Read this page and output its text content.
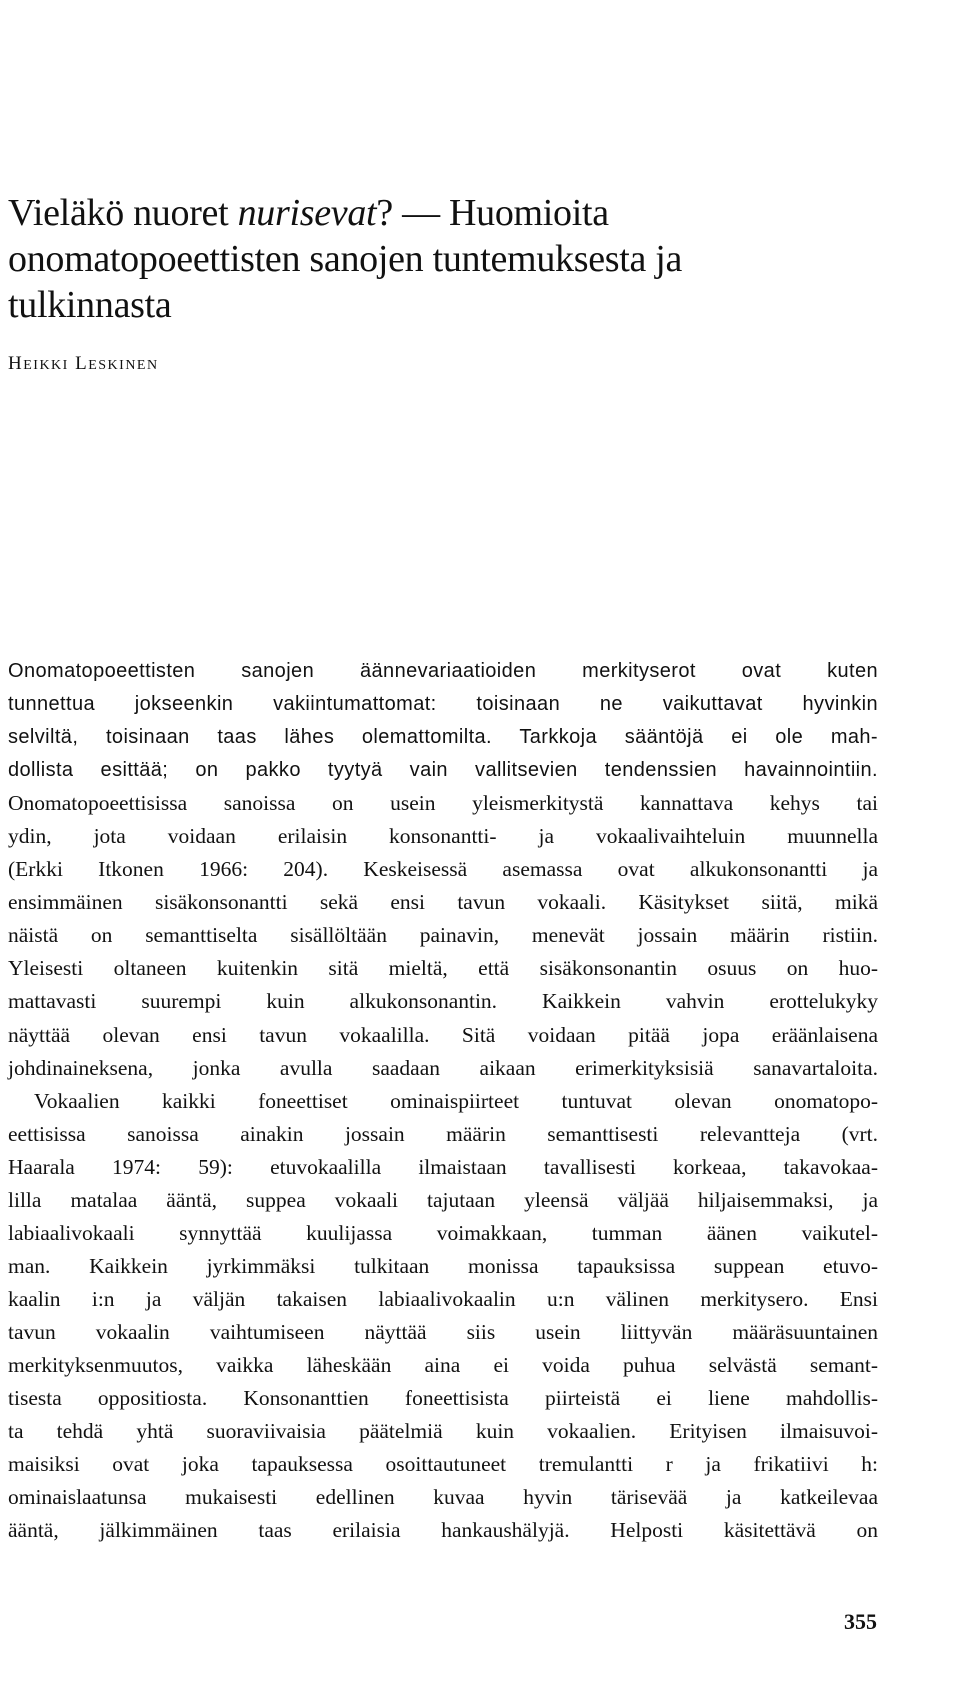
Vieläkö nuoret nurisevat? — Huomioita
onomatopoeettisten sanojen tuntemuksesta ja
tulkinnasta
HEIKKI LESKINEN
Onomatopoeettisten sanojen äännevariaatioiden merkityserot ovat kuten
tunnettua jokseenkin vakiintumattomat: toisinaan ne vaikuttavat hyvinkin
selviltä, toisinaan taas lähes olemattomilta. Tarkkoja sääntöjä ei ole mah-
dollista esittää; on pakko tyytyä vain vallitsevien tendenssien havainnointiin.
Onomatopoeettisissa sanoissa on usein yleismerkitystä kannattava kehys tai
ydin, jota voidaan erilaisin konsonantti- ja vokaalivaihteluin muunnella
(Erkki Itkonen 1966: 204). Keskeisessä asemassa ovat alkukonsonantti ja
ensimmäinen sisäkonsonantti sekä ensi tavun vokaali. Käsitykset siitä, mikä
näistä on semanttiselta sisällöltään painavin, menevät jossain määrin ristiin.
Yleisesti oltaneen kuitenkin sitä mieltä, että sisäkonsonantin osuus on huo-
mattavasti suurempi kuin alkukonsonantin. Kaikkein vahvin erottelukyky
näyttää olevan ensi tavun vokaalilla. Sitä voidaan pitää jopa eräänlaisena
johdinaineksena, jonka avulla saadaan aikaan erimerkityksisiä sanavartaloita.
Vokaalien kaikki foneettiset ominaispiirteet tuntuvat olevan onomatopo-
eettisissa sanoissa ainakin jossain määrin semanttisesti relevantteja (vrt.
Haarala 1974: 59): etuvokaalilla ilmaistaan tavallisesti korkeaa, takavokaa-
lilla matalaa ääntä, suppea vokaali tajutaan yleensä väljää hiljaisemmaksi, ja
labiaalivokaali synnyttää kuulijassa voimakkaan, tumman äänen vaikutel-
man. Kaikkein jyrkimmäksi tulkitaan monissa tapauksissa suppean etuvo-
kaalin i:n ja väljän takaisen labiaalivokaalin u:n välinen merkitysero. Ensi
tavun vokaalin vaihtumiseen näyttää siis usein liittyvän määräsuuntainen
merkityksenmuutos, vaikka läheskään aina ei voida puhua selvästä semant-
tisesta oppositiosta. Konsonanttien foneettisista piirteistä ei liene mahdollis-
ta tehdä yhtä suoraviivaisia päätelmiä kuin vokaalien. Erityisen ilmaisuvoi-
maisiksi ovat joka tapauksessa osoittautuneet tremulantti r ja frikatiivi h:
ominaislaatunsa mukaisesti edellinen kuvaa hyvin tärisevää ja katkeilevaa
ääntä, jälkimmäinen taas erilaisia hankaushälyjä. Helposti käsitettävä on
355
